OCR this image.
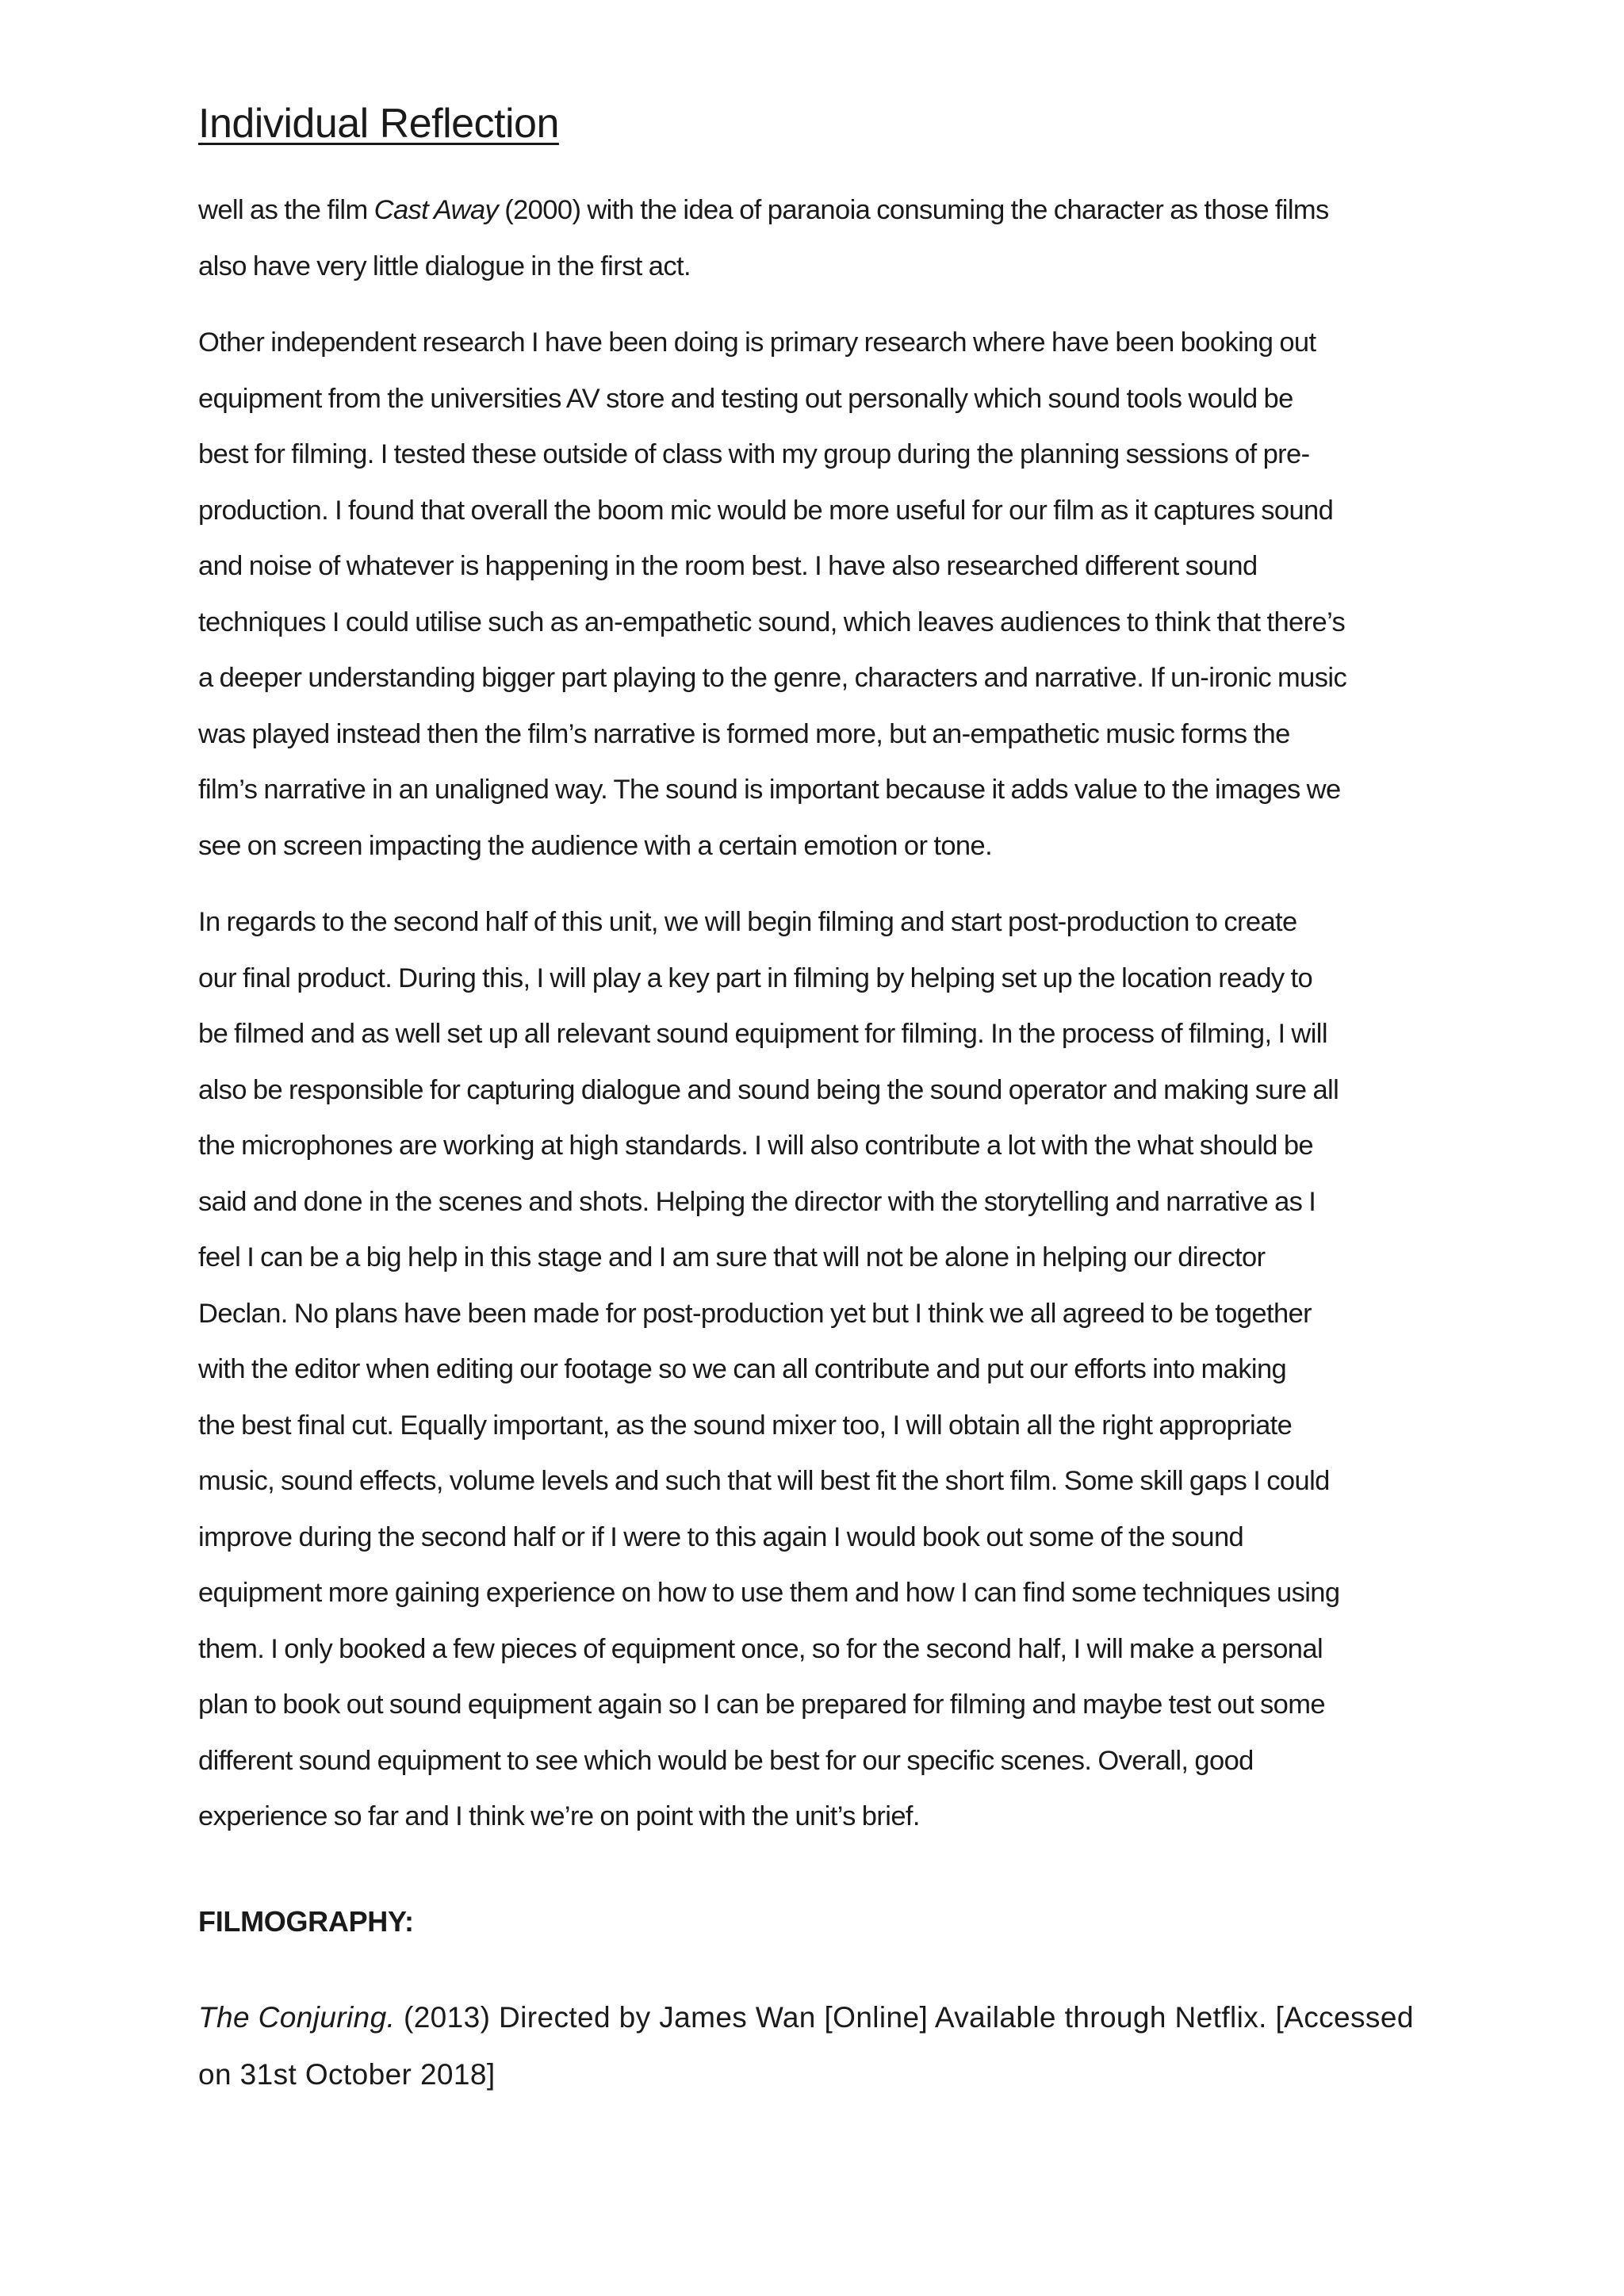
Individual Reflection

well as the film Cast Away (2000) with the idea of paranoia consuming the character as those films
also have very little dialogue in the first act.

Other independent research I have been doing is primary research where have been booking out
equipment from the universities AV store and testing out personally which sound tools would be
best for filming. I tested these outside of class with my group during the planning sessions of pre-
production. I found that overall the boom mic would be more useful for our film as it captures sound
and noise of whatever is happening in the room best. I have also researched different sound
techniques I could utilise such as an-empathetic sound, which leaves audiences to think that there’s
a deeper understanding bigger part playing to the genre, characters and narrative. If un-ironic music
was played instead then the film’s narrative is formed more, but an-empathetic music forms the
film’s narrative in an unaligned way. The sound is important because it adds value to the images we
see on screen impacting the audience with a certain emotion or tone.

In regards to the second half of this unit, we will begin filming and start post-production to create
our final product. During this, I will play a key part in filming by helping set up the location ready to
be filmed and as well set up all relevant sound equipment for filming. In the process of filming, I will
also be responsible for capturing dialogue and sound being the sound operator and making sure all
the microphones are working at high standards. I will also contribute a lot with the what should be
said and done in the scenes and shots. Helping the director with the storytelling and narrative as I
feel I can be a big help in this stage and I am sure that will not be alone in helping our director
Declan. No plans have been made for post-production yet but I think we all agreed to be together
with the editor when editing our footage so we can all contribute and put our efforts into making
the best final cut. Equally important, as the sound mixer too, I will obtain all the right appropriate
music, sound effects, volume levels and such that will best fit the short film. Some skill gaps I could
improve during the second half or if I were to this again I would book out some of the sound
equipment more gaining experience on how to use them and how I can find some techniques using
them. I only booked a few pieces of equipment once, so for the second half, I will make a personal
plan to book out sound equipment again so I can be prepared for filming and maybe test out some
different sound equipment to see which would be best for our specific scenes. Overall, good
experience so far and I think we’re on point with the unit’s brief.

FILMOGRAPHY:

The Conjuring. (2013) Directed by James Wan [Online] Available through Netflix. [Accessed
on 31st October 2018]
